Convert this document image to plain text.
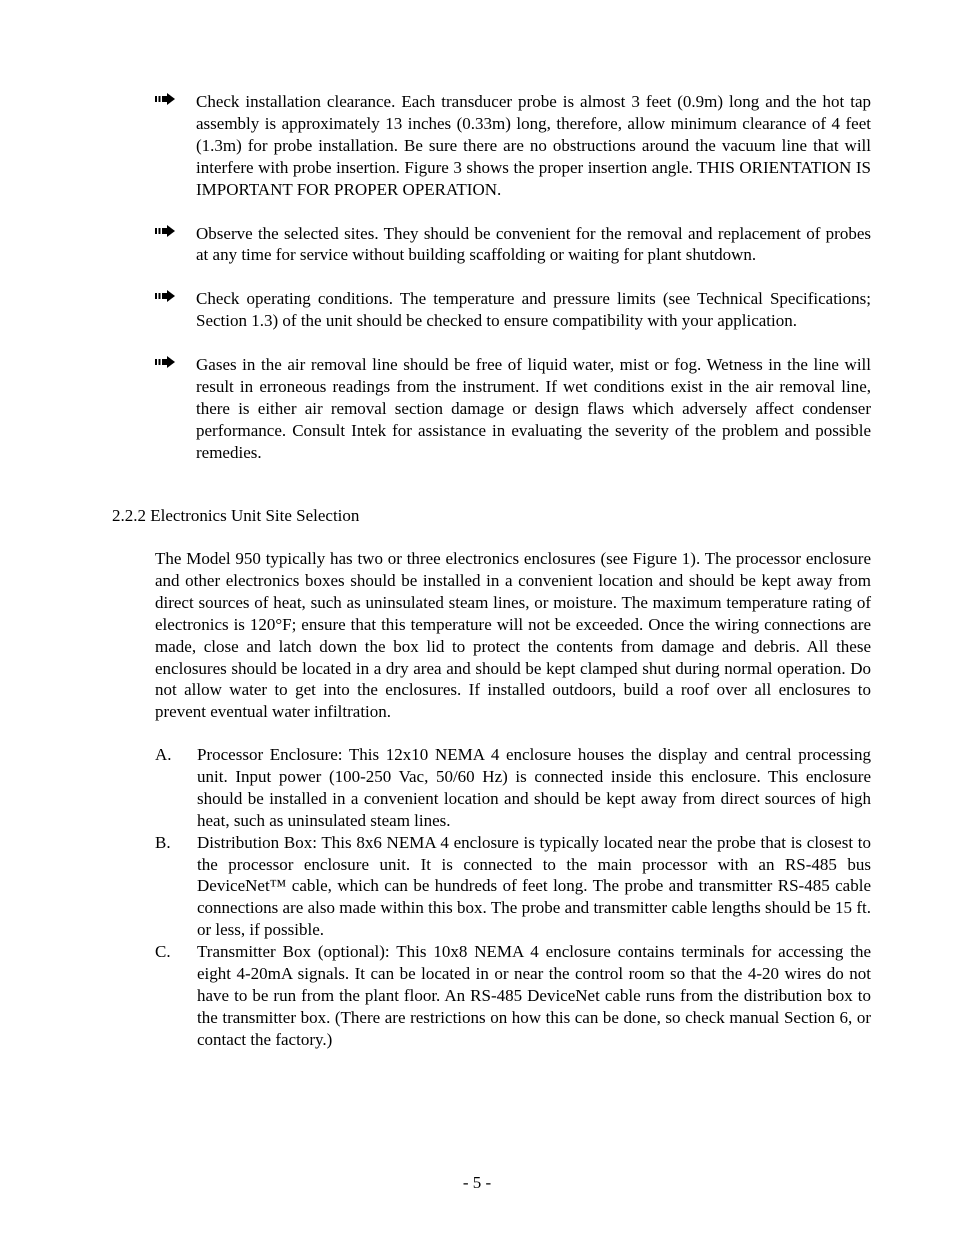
Check installation clearance. Each transducer probe is almost 3 feet (0.9m) long and the hot tap assembly is approximately 13 inches (0.33m) long, therefore, allow minimum clearance of 4 feet (1.3m) for probe installation. Be sure there are no obstructions around the vacuum line that will interfere with probe insertion. Figure 3 shows the proper insertion angle. THIS ORIENTATION IS IMPORTANT FOR PROPER OPERATION.
Observe the selected sites. They should be convenient for the removal and replacement of probes at any time for service without building scaffolding or waiting for plant shutdown.
Check operating conditions. The temperature and pressure limits (see Technical Specifications; Section 1.3) of the unit should be checked to ensure compatibility with your application.
Gases in the air removal line should be free of liquid water, mist or fog. Wetness in the line will result in erroneous readings from the instrument. If wet conditions exist in the air removal line, there is either air removal section damage or design flaws which adversely affect condenser performance. Consult Intek for assistance in evaluating the severity of the problem and possible remedies.
2.2.2 Electronics Unit Site Selection

The Model 950 typically has two or three electronics enclosures (see Figure 1). The processor enclosure and other electronics boxes should be installed in a convenient location and should be kept away from direct sources of heat, such as uninsulated steam lines, or moisture. The maximum temperature rating of electronics is 120°F; ensure that this temperature will not be exceeded. Once the wiring connections are made, close and latch down the box lid to protect the contents from damage and debris. All these enclosures should be located in a dry area and should be kept clamped shut during normal operation. Do not allow water to get into the enclosures. If installed outdoors, build a roof over all enclosures to prevent eventual water infiltration.

A. Processor Enclosure: This 12x10 NEMA 4 enclosure houses the display and central processing unit. Input power (100-250 Vac, 50/60 Hz) is connected inside this enclosure. This enclosure should be installed in a convenient location and should be kept away from direct sources of high heat, such as uninsulated steam lines.
B. Distribution Box: This 8x6 NEMA 4 enclosure is typically located near the probe that is closest to the processor enclosure unit. It is connected to the main processor with an RS-485 bus DeviceNet™ cable, which can be hundreds of feet long. The probe and transmitter RS-485 cable connections are also made within this box. The probe and transmitter cable lengths should be 15 ft. or less, if possible.
C. Transmitter Box (optional): This 10x8 NEMA 4 enclosure contains terminals for accessing the eight 4-20mA signals. It can be located in or near the control room so that the 4-20 wires do not have to be run from the plant floor. An RS-485 DeviceNet cable runs from the distribution box to the transmitter box. (There are restrictions on how this can be done, so check manual Section 6, or contact the factory.)
- 5 -
